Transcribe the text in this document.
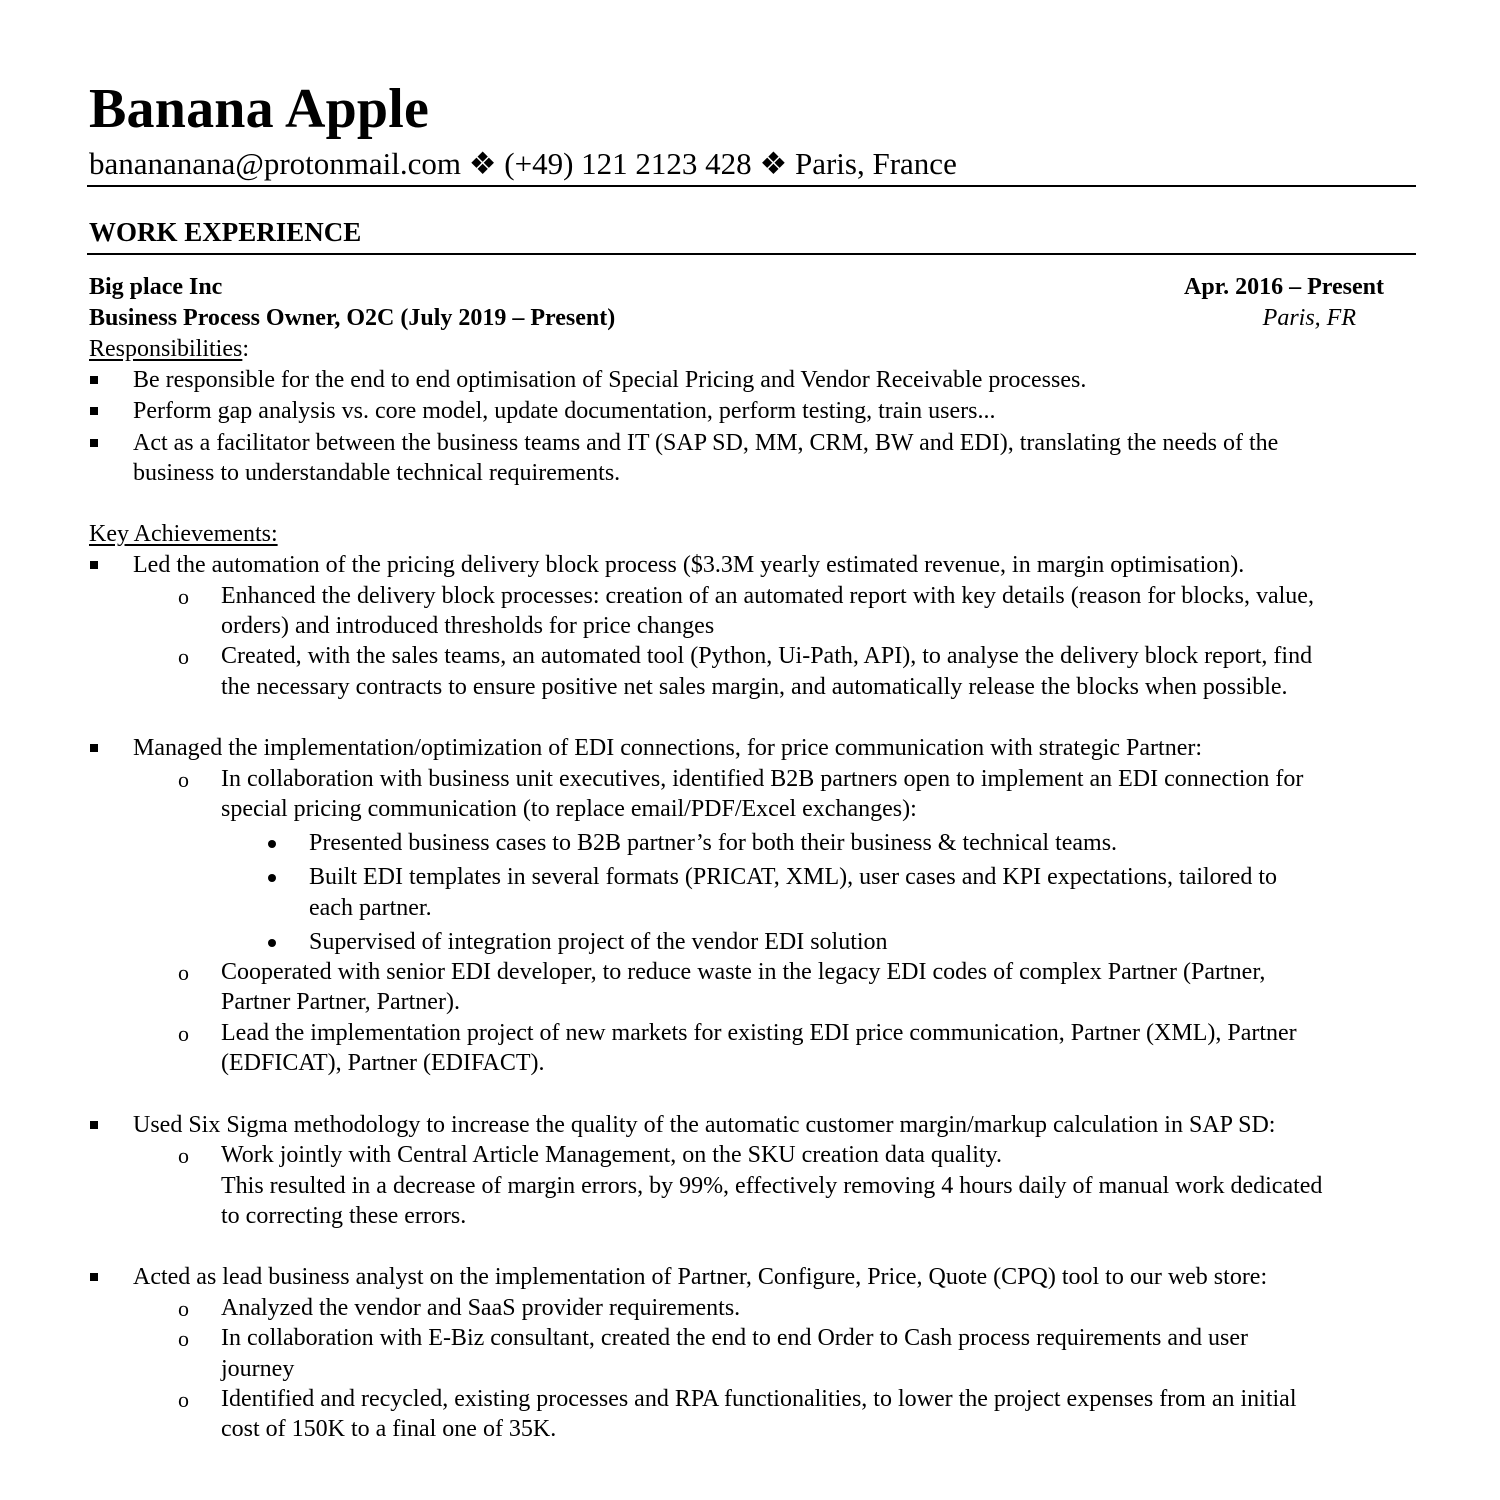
Banana Apple
banananana@protonmail.com ❖ (+49) 121 2123 428 ❖ Paris, France
WORK EXPERIENCE
Big place Inc	Apr. 2016 – Present
Business Process Owner, O2C (July 2019 – Present)	Paris, FR
Responsibilities:
Be responsible for the end to end optimisation of Special Pricing and Vendor Receivable processes.
Perform gap analysis vs. core model, update documentation, perform testing, train users...
Act as a facilitator between the business teams and IT (SAP SD, MM, CRM, BW and EDI), translating the needs of the
business to understandable technical requirements.
Key Achievements:
Led the automation of the pricing delivery block process ($3.3M yearly estimated revenue, in margin optimisation).
o Enhanced the delivery block processes: creation of an automated report with key details (reason for blocks, value,
orders) and introduced thresholds for price changes
o Created, with the sales teams, an automated tool (Python, Ui-Path, API), to analyse the delivery block report, find
the necessary contracts to ensure positive net sales margin, and automatically release the blocks when possible.
Managed the implementation/optimization of EDI connections, for price communication with strategic Partner:
o In collaboration with business unit executives, identified B2B partners open to implement an EDI connection for
special pricing communication (to replace email/PDF/Excel exchanges):
Presented business cases to B2B partner’s for both their business & technical teams.
Built EDI templates in several formats (PRICAT, XML), user cases and KPI expectations, tailored to
each partner.
Supervised of integration project of the vendor EDI solution
o Cooperated with senior EDI developer, to reduce waste in the legacy EDI codes of complex Partner (Partner,
Partner Partner, Partner).
o Lead the implementation project of new markets for existing EDI price communication, Partner (XML), Partner
(EDFICAT), Partner (EDIFACT).
Used Six Sigma methodology to increase the quality of the automatic customer margin/markup calculation in SAP SD:
o Work jointly with Central Article Management, on the SKU creation data quality.
This resulted in a decrease of margin errors, by 99%, effectively removing 4 hours daily of manual work dedicated
to correcting these errors.
Acted as lead business analyst on the implementation of Partner, Configure, Price, Quote (CPQ) tool to our web store:
o Analyzed the vendor and SaaS provider requirements.
o In collaboration with E-Biz consultant, created the end to end Order to Cash process requirements and user
journey
o Identified and recycled, existing processes and RPA functionalities, to lower the project expenses from an initial
cost of 150K to a final one of 35K.
